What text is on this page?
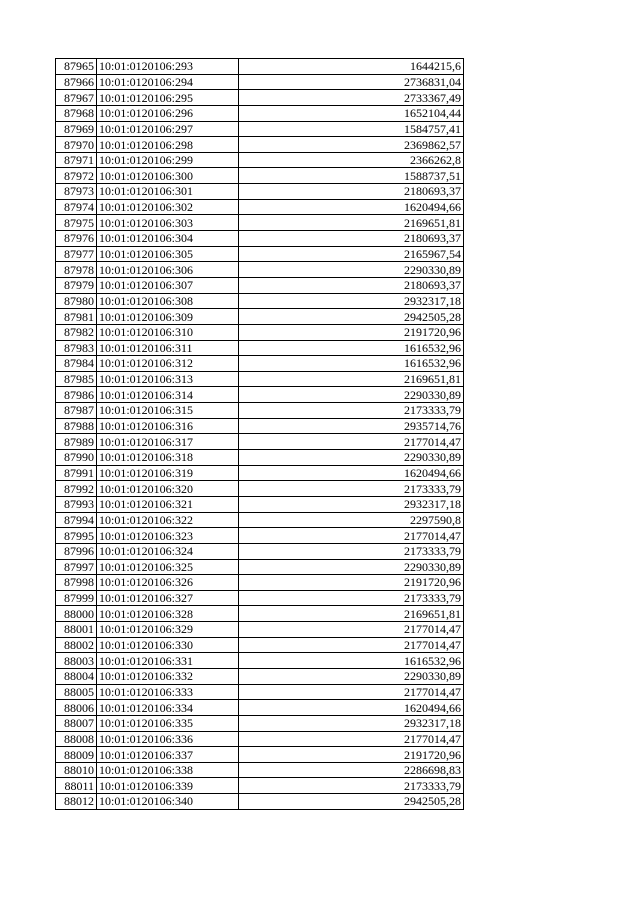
87965	10:01:0120106:293	1644215,6
87966	10:01:0120106:294	2736831,04
87967	10:01:0120106:295	2733367,49
87968	10:01:0120106:296	1652104,44
87969	10:01:0120106:297	1584757,41
87970	10:01:0120106:298	2369862,57
87971	10:01:0120106:299	2366262,8
87972	10:01:0120106:300	1588737,51
87973	10:01:0120106:301	2180693,37
87974	10:01:0120106:302	1620494,66
87975	10:01:0120106:303	2169651,81
87976	10:01:0120106:304	2180693,37
87977	10:01:0120106:305	2165967,54
87978	10:01:0120106:306	2290330,89
87979	10:01:0120106:307	2180693,37
87980	10:01:0120106:308	2932317,18
87981	10:01:0120106:309	2942505,28
87982	10:01:0120106:310	2191720,96
87983	10:01:0120106:311	1616532,96
87984	10:01:0120106:312	1616532,96
87985	10:01:0120106:313	2169651,81
87986	10:01:0120106:314	2290330,89
87987	10:01:0120106:315	2173333,79
87988	10:01:0120106:316	2935714,76
87989	10:01:0120106:317	2177014,47
87990	10:01:0120106:318	2290330,89
87991	10:01:0120106:319	1620494,66
87992	10:01:0120106:320	2173333,79
87993	10:01:0120106:321	2932317,18
87994	10:01:0120106:322	2297590,8
87995	10:01:0120106:323	2177014,47
87996	10:01:0120106:324	2173333,79
87997	10:01:0120106:325	2290330,89
87998	10:01:0120106:326	2191720,96
87999	10:01:0120106:327	2173333,79
88000	10:01:0120106:328	2169651,81
88001	10:01:0120106:329	2177014,47
88002	10:01:0120106:330	2177014,47
88003	10:01:0120106:331	1616532,96
88004	10:01:0120106:332	2290330,89
88005	10:01:0120106:333	2177014,47
88006	10:01:0120106:334	1620494,66
88007	10:01:0120106:335	2932317,18
88008	10:01:0120106:336	2177014,47
88009	10:01:0120106:337	2191720,96
88010	10:01:0120106:338	2286698,83
88011	10:01:0120106:339	2173333,79
88012	10:01:0120106:340	2942505,28
